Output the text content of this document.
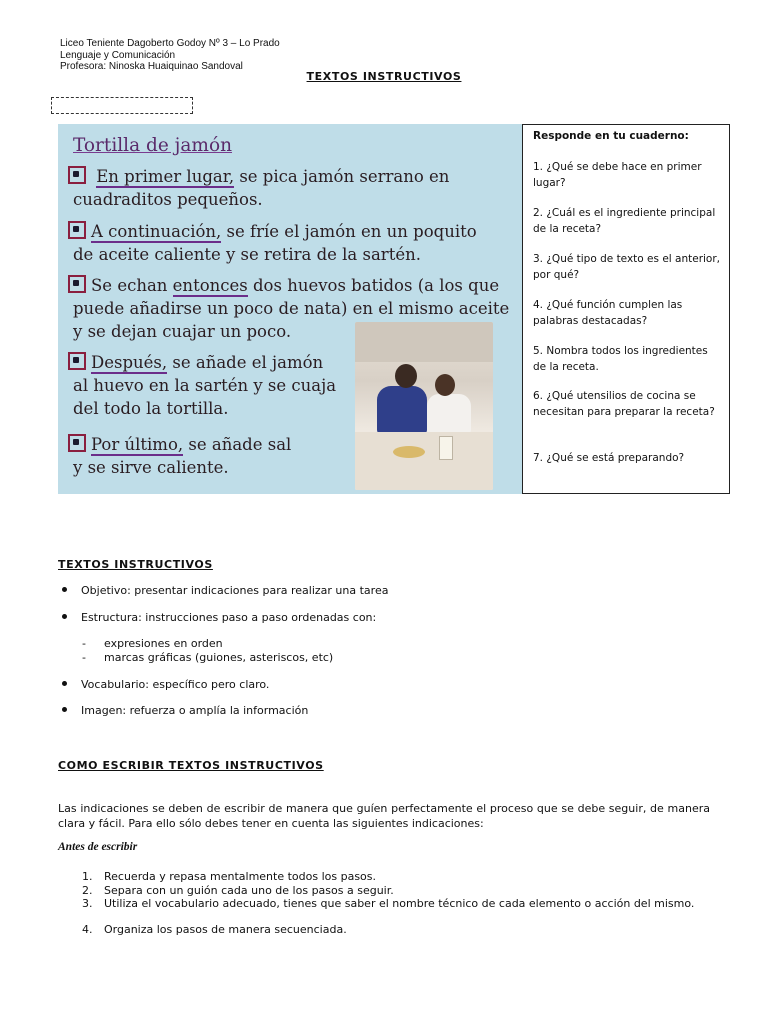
Liceo Teniente Dagoberto Godoy Nº 3 – Lo Prado
Lenguaje y Comunicación
Profesora: Ninoska Huaiquinao Sandoval
TEXTOS INSTRUCTIVOS
Tortilla de jamón
En primer lugar, se pica jamón serrano en
cuadraditos pequeños.
A continuación, se fríe el jamón en un poquito
de aceite caliente y se retira de la sartén.
Se echan entonces dos huevos batidos (a los que
puede añadirse un poco de nata) en el mismo aceite
y se dejan cuajar un poco.
Después, se añade el jamón
al huevo en la sartén y se cuaja
del todo la tortilla.
Por último, se añade sal
y se sirve caliente.
Responde en tu cuaderno:
1. ¿Qué se debe hace en primer lugar?
2. ¿Cuál es el ingrediente principal de la receta?
3. ¿Qué tipo de texto es el anterior, por qué?
4. ¿Qué función cumplen las palabras destacadas?
5. Nombra todos los ingredientes de la receta.
6. ¿Qué utensilios de cocina se necesitan para preparar la receta?
7. ¿Qué se está preparando?
TEXTOS INSTRUCTIVOS
Objetivo: presentar indicaciones para realizar una tarea
Estructura: instrucciones paso a paso ordenadas con:
- expresiones en orden
- marcas gráficas (guiones, asteriscos, etc)
Vocabulario: específico pero claro.
Imagen: refuerza o amplía la información
COMO ESCRIBIR TEXTOS INSTRUCTIVOS
Las indicaciones se deben de escribir de manera que guíen perfectamente el proceso que se debe seguir, de manera clara y fácil. Para ello sólo debes tener en cuenta las siguientes indicaciones:
Antes de escribir
1. Recuerda y repasa mentalmente todos los pasos.
2. Separa con un guión cada uno de los pasos a seguir.
3. Utiliza el vocabulario adecuado, tienes que saber el nombre técnico de cada elemento o acción del mismo.
4. Organiza los pasos de manera secuenciada.
